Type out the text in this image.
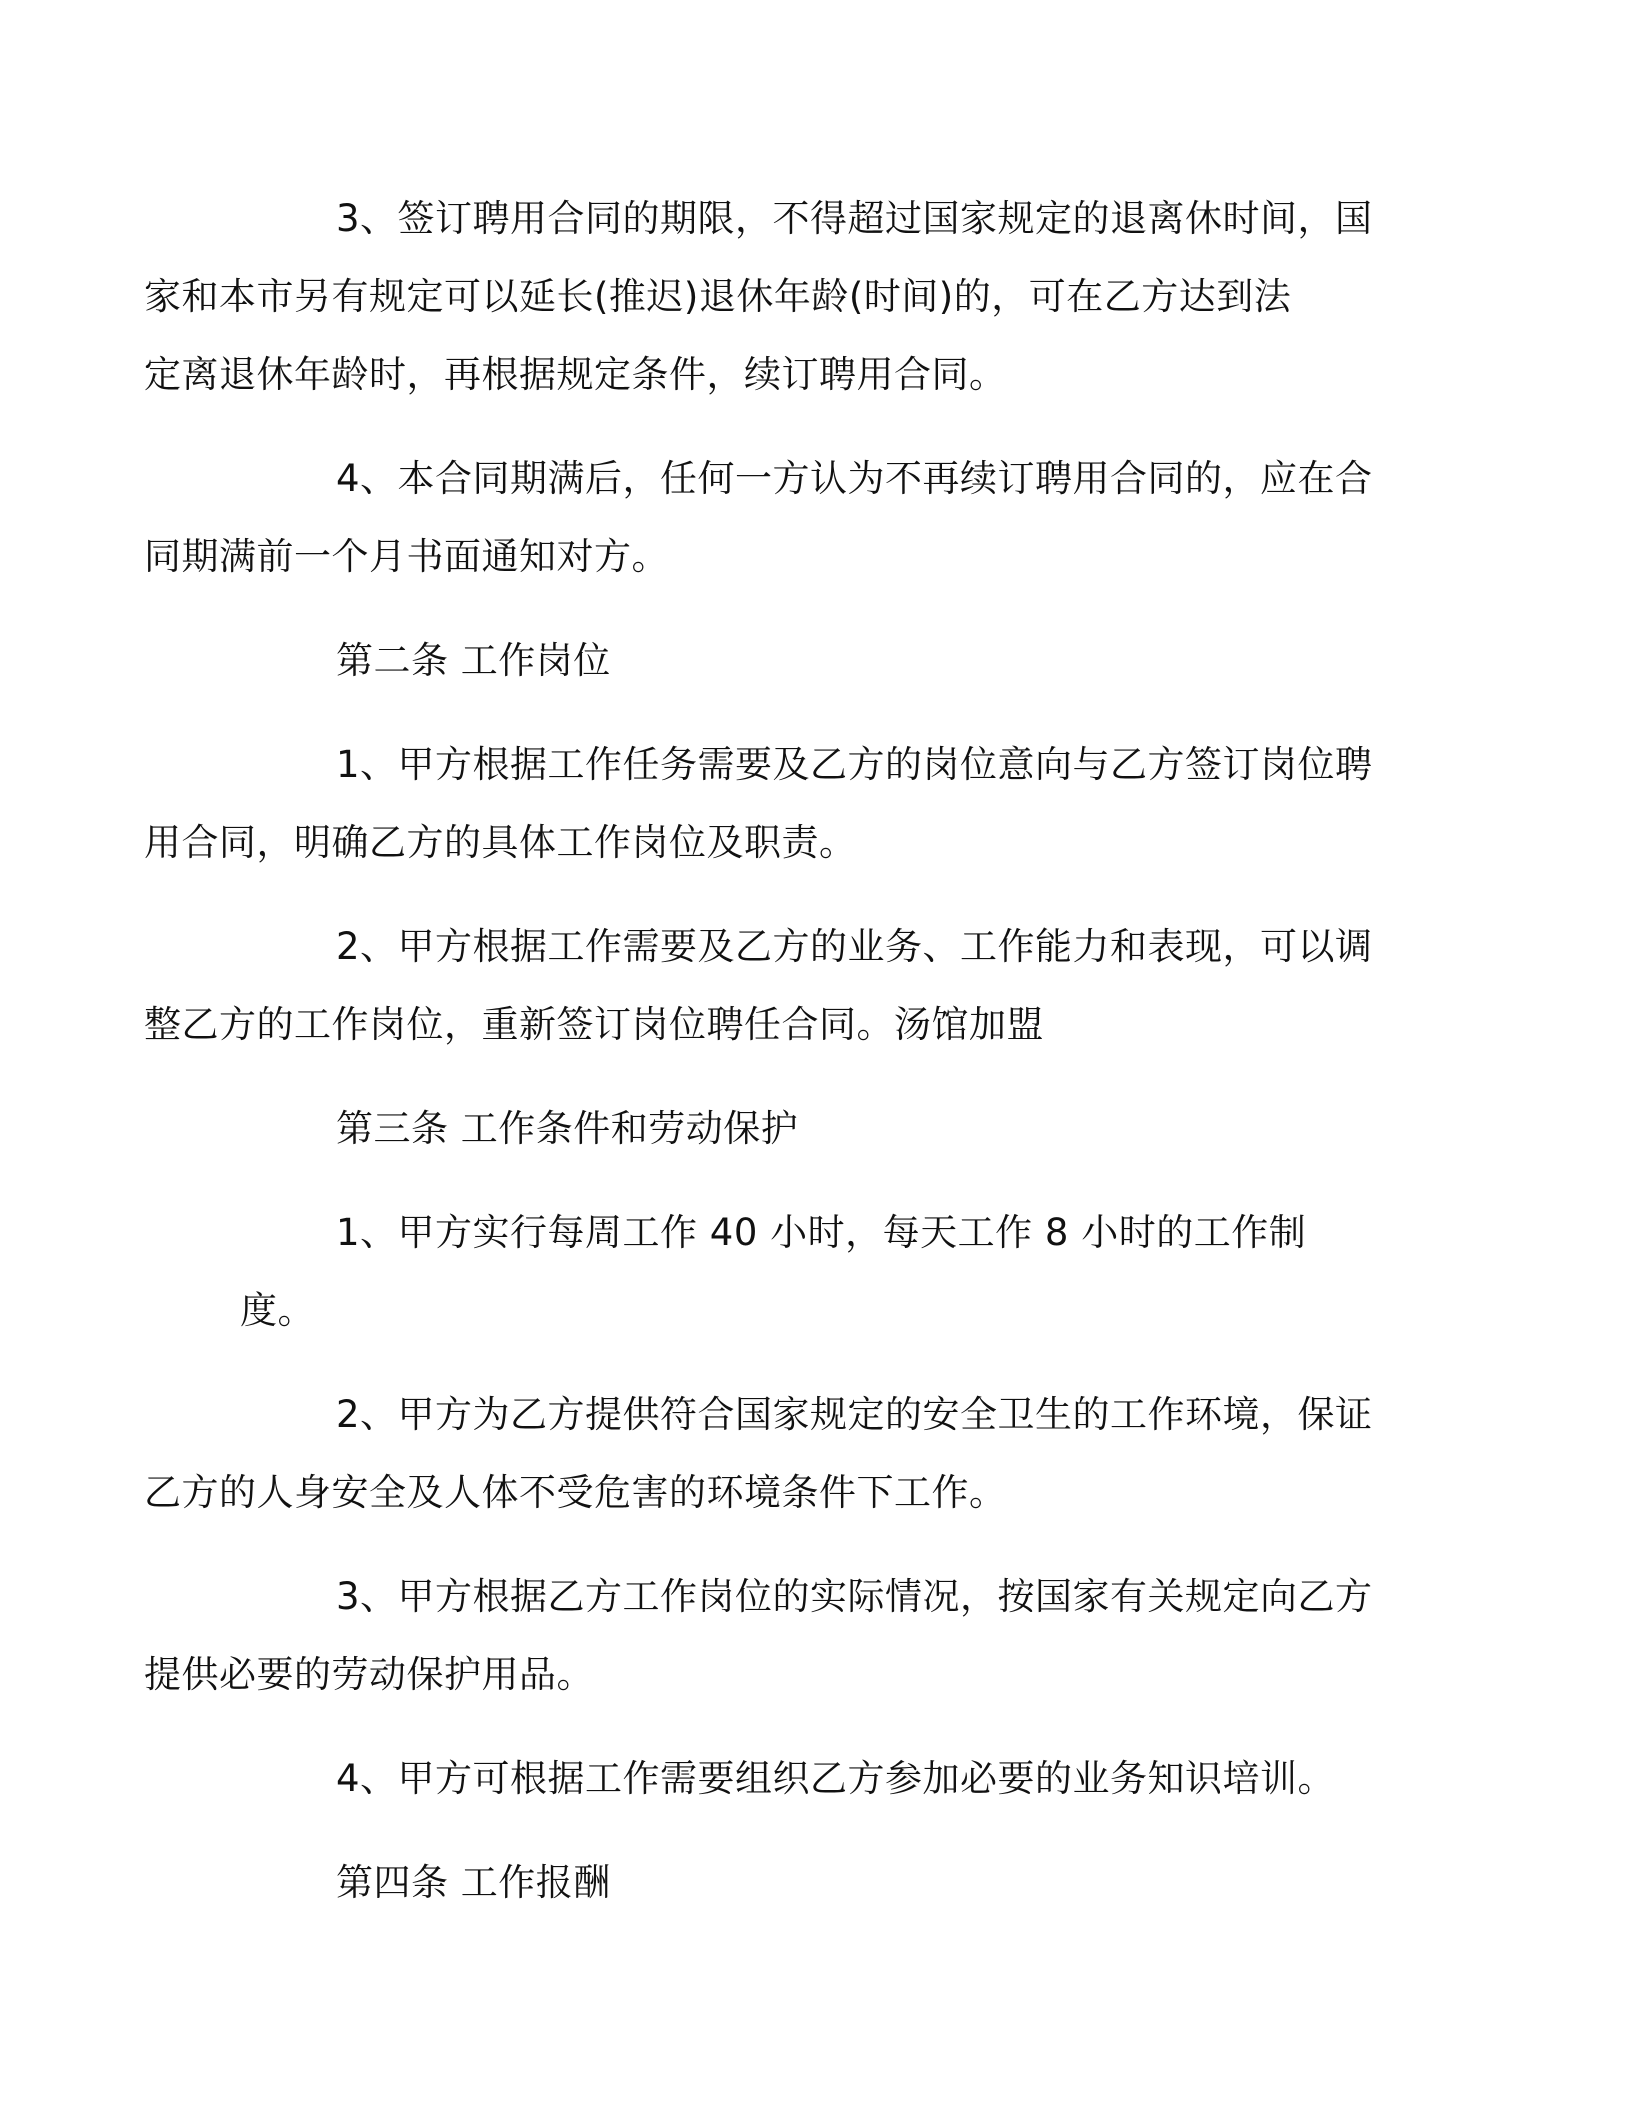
3、签订聘用合同的期限，不得超过国家规定的退离休时间，国
家和本市另有规定可以延长(推迟)退休年龄(时间)的，可在乙方达到法
定离退休年龄时，再根据规定条件，续订聘用合同。

4、本合同期满后，任何一方认为不再续订聘用合同的，应在合
同期满前一个月书面通知对方。

第二条 工作岗位

1、甲方根据工作任务需要及乙方的岗位意向与乙方签订岗位聘
用合同，明确乙方的具体工作岗位及职责。

2、甲方根据工作需要及乙方的业务、工作能力和表现，可以调
整乙方的工作岗位，重新签订岗位聘任合同。汤馆加盟

第三条 工作条件和劳动保护

1、甲方实行每周工作 40 小时，每天工作 8 小时的工作制度。

2、甲方为乙方提供符合国家规定的安全卫生的工作环境，保证
乙方的人身安全及人体不受危害的环境条件下工作。

3、甲方根据乙方工作岗位的实际情况，按国家有关规定向乙方
提供必要的劳动保护用品。

4、甲方可根据工作需要组织乙方参加必要的业务知识培训。

第四条 工作报酬
